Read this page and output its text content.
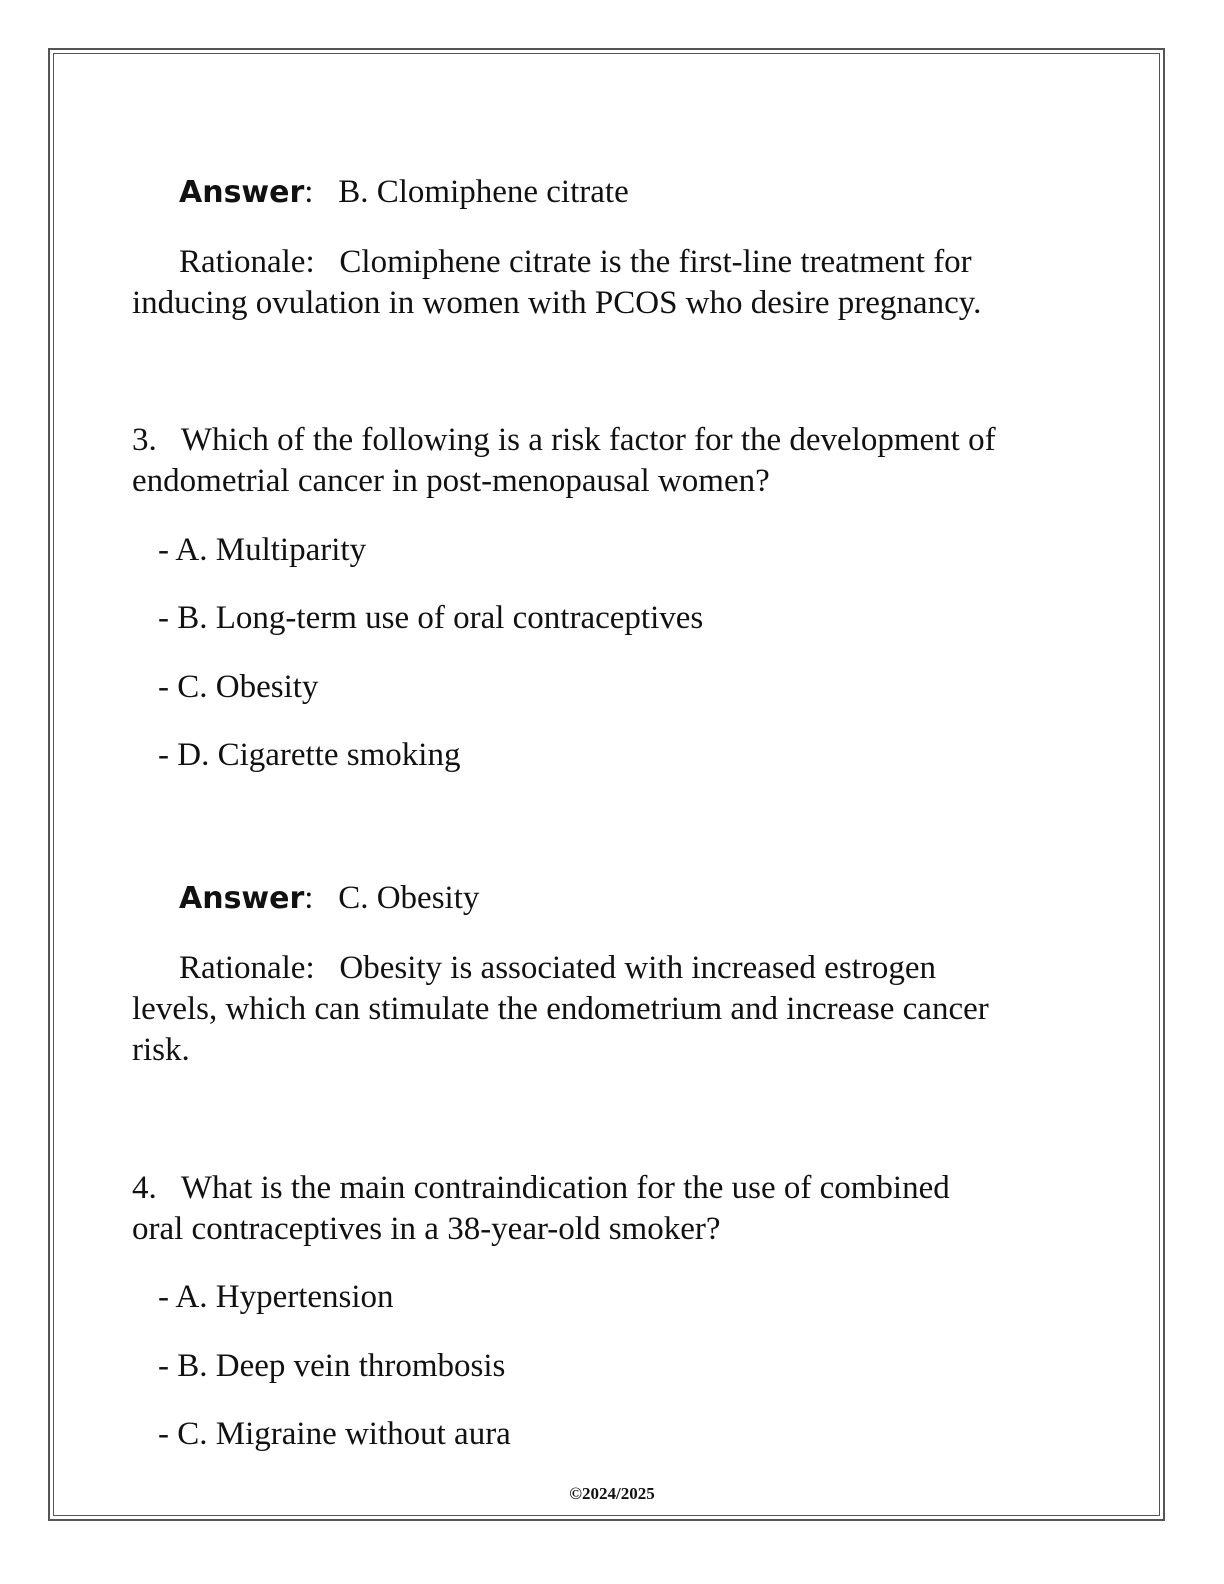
Answer: B. Clomiphene citrate
Rationale: Clomiphene citrate is the first-line treatment for
inducing ovulation in women with PCOS who desire pregnancy.
3. Which of the following is a risk factor for the development of
endometrial cancer in post-menopausal women?
- A. Multiparity
- B. Long-term use of oral contraceptives
- C. Obesity
- D. Cigarette smoking
Answer: C. Obesity
Rationale: Obesity is associated with increased estrogen
levels, which can stimulate the endometrium and increase cancer
risk.
4. What is the main contraindication for the use of combined
oral contraceptives in a 38-year-old smoker?
- A. Hypertension
- B. Deep vein thrombosis
- C. Migraine without aura
©2024/2025
